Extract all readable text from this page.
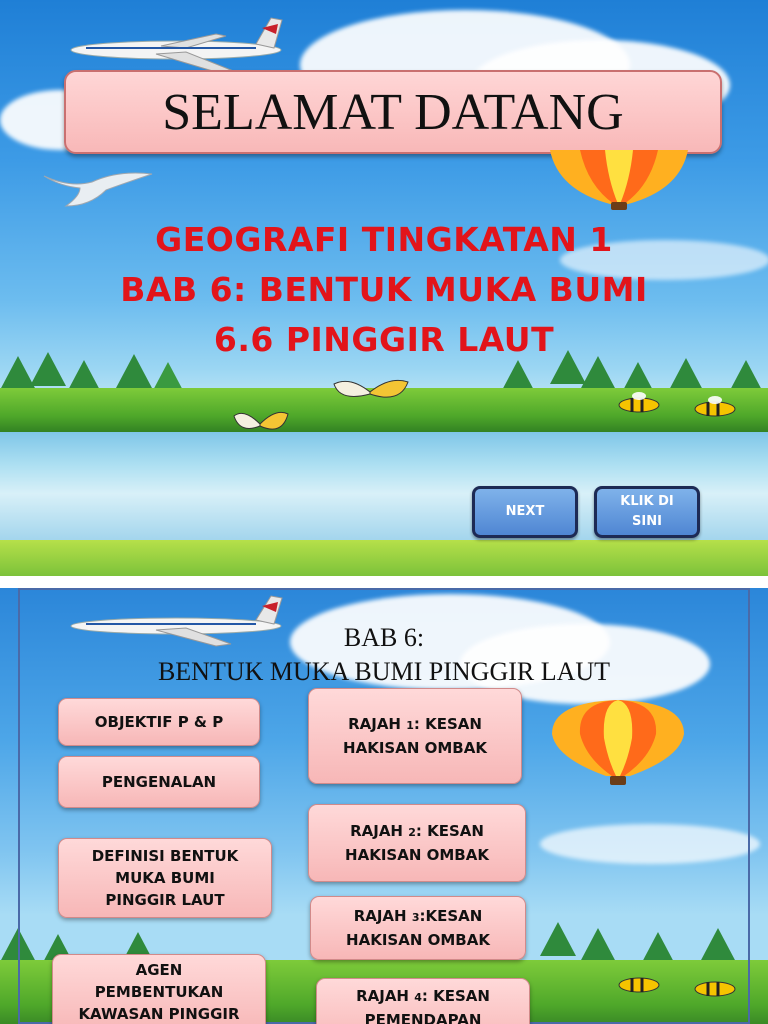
SELAMAT DATANG
GEOGRAFI TINGKATAN 1
BAB 6: BENTUK MUKA BUMI
6.6 PINGGIR LAUT
NEXT
KLIK DI
SINI
BAB 6:
BENTUK MUKA BUMI PINGGIR LAUT
OBJEKTIF P & P
PENGENALAN
DEFINISI BENTUK
MUKA BUMI
PINGGIR LAUT
AGEN
PEMBENTUKAN
KAWASAN PINGGIR
RAJAH 1: KESAN
HAKISAN OMBAK
RAJAH 2: KESAN
HAKISAN OMBAK
RAJAH 3:KESAN
HAKISAN OMBAK
RAJAH 4: KESAN
PEMENDAPAN
